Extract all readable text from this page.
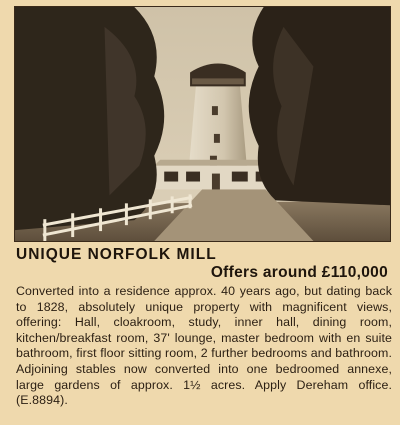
UNIQUE NORFOLK MILL
Offers around £110,000
Converted into a residence approx. 40 years ago, but dating back to 1828, absolutely unique property with magnificent views, offering: Hall, cloakroom, study, inner hall, dining room, kitchen/breakfast room, 37' lounge, master bedroom with en suite bathroom, first floor sitting room, 2 further bedrooms and bathroom. Adjoining stables now converted into one bedroomed annexe, large gardens of approx. 1½ acres. Apply Dereham office. (E.8894).
